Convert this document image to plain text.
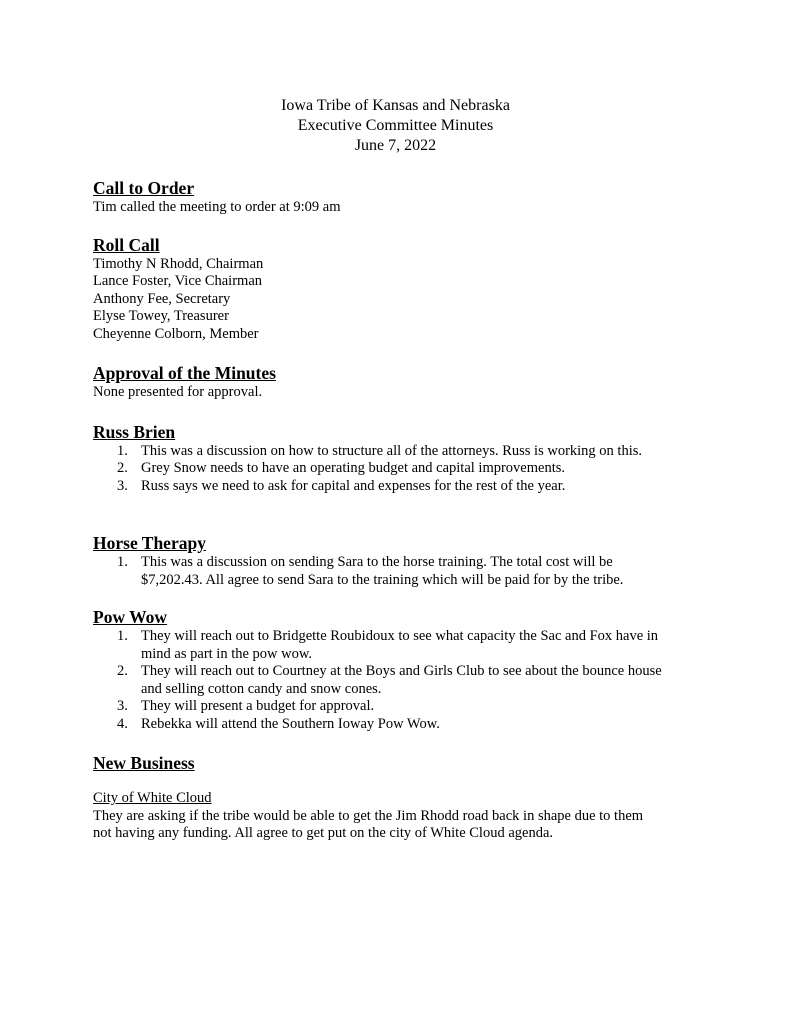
Iowa Tribe of Kansas and Nebraska
Executive Committee Minutes
June 7, 2022
Call to Order
Tim called the meeting to order at 9:09 am
Roll Call
Timothy N Rhodd, Chairman
Lance Foster, Vice Chairman
Anthony Fee, Secretary
Elyse Towey, Treasurer
Cheyenne Colborn, Member
Approval of the Minutes
None presented for approval.
Russ Brien
1. This was a discussion on how to structure all of the attorneys. Russ is working on this.
2. Grey Snow needs to have an operating budget and capital improvements.
3. Russ says we need to ask for capital and expenses for the rest of the year.
Horse Therapy
1. This was a discussion on sending Sara to the horse training. The total cost will be
$7,202.43. All agree to send Sara to the training which will be paid for by the tribe.
Pow Wow
1. They will reach out to Bridgette Roubidoux to see what capacity the Sac and Fox have in
mind as part in the pow wow.
2. They will reach out to Courtney at the Boys and Girls Club to see about the bounce house
and selling cotton candy and snow cones.
3. They will present a budget for approval.
4. Rebekka will attend the Southern Ioway Pow Wow.
New Business
City of White Cloud
They are asking if the tribe would be able to get the Jim Rhodd road back in shape due to them
not having any funding. All agree to get put on the city of White Cloud agenda.
